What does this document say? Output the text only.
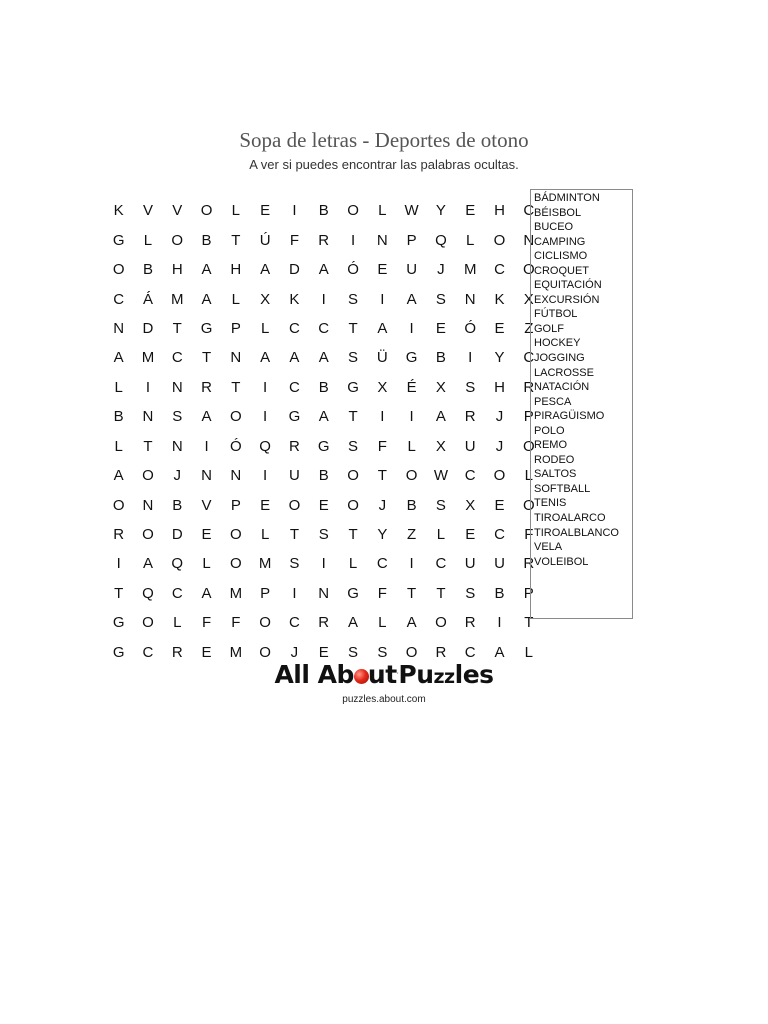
Sopa de letras - Deportes de otono
A ver si puedes encontrar las palabras ocultas.
K	V	V	O	L	E	I	B	O	L	W	Y	E	H	C
G	L	O	B	T	Ú	F	R	I	N	P	Q	L	O	N
O	B	H	A	H	A	D	A	Ó	E	U	J	M	C	O
C	Á	M	A	L	X	K	I	S	I	A	S	N	K	X
N	D	T	G	P	L	C	C	T	A	I	E	Ó	E	Z
A	M	C	T	N	A	A	A	S	Ü	G	B	I	Y	C
L	I	N	R	T	I	C	B	G	X	É	X	S	H	R
B	N	S	A	O	I	G	A	T	I	I	A	R	J	P
L	T	N	I	Ó	Q	R	G	S	F	L	X	U	J	O
A	O	J	N	N	I	U	B	O	T	O	W	C	O	L
O	N	B	V	P	E	O	E	O	J	B	S	X	E	O
R	O	D	E	O	L	T	S	T	Y	Z	L	E	C	F
I	A	Q	L	O	M	S	I	L	C	I	C	U	U	R
T	Q	C	A	M	P	I	N	G	F	T	T	S	B	P
G	O	L	F	F	O	C	R	A	L	A	O	R	I	T
G	C	R	E	M	O	J	E	S	S	O	R	C	A	L
BÁDMINTON
BÉISBOL
BUCEO
CAMPING
CICLISMO
CROQUET
EQUITACIÓN
EXCURSIÓN
FÚTBOL
GOLF
HOCKEY
JOGGING
LACROSSE
NATACIÓN
PESCA
PIRAGÜISMO
POLO
REMO
RODEO
SALTOS
SOFTBALL
TENIS
TIROALARCO
TIROALBLANCO
VELA
VOLEIBOL
All Ab ut.Puzzles
puzzles.about.com
